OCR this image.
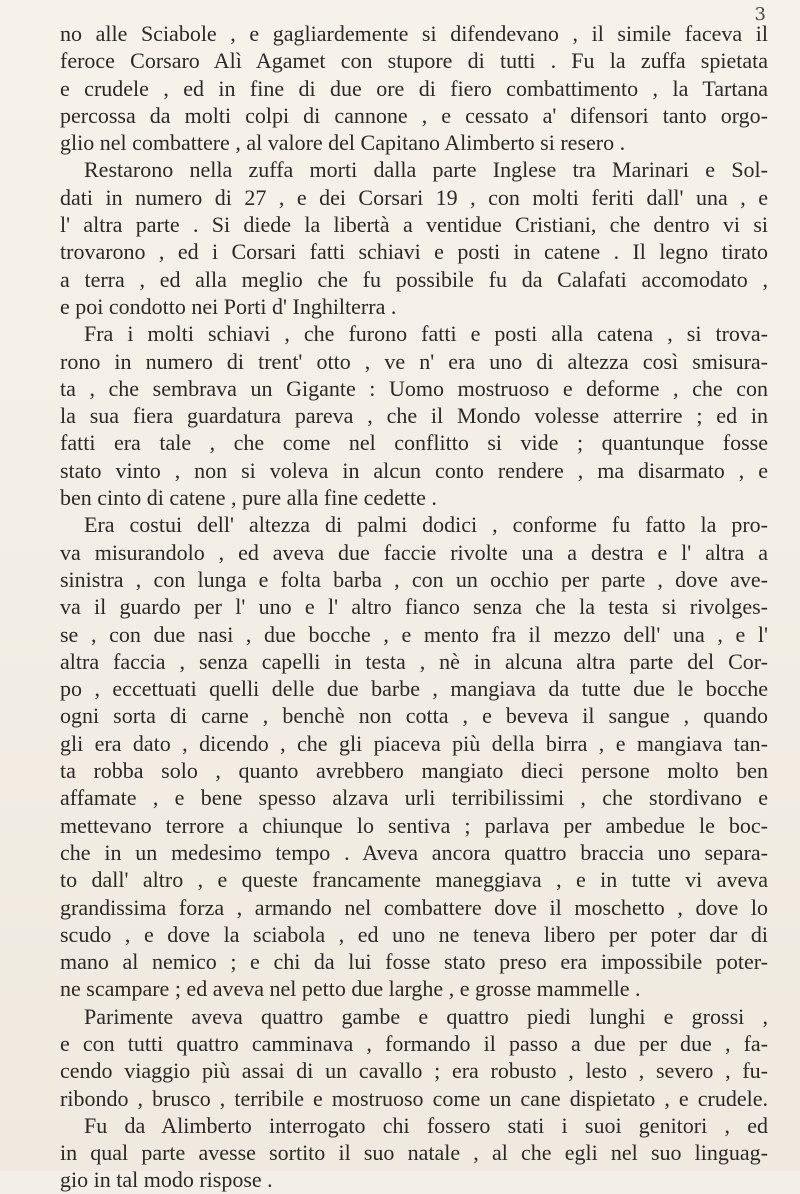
3
no alle Sciabole , e gagliardemente si difendevano , il simile faceva il
feroce Corsaro Alì Agamet con stupore di tutti . Fu la zuffa spietata
e crudele , ed in fine di due ore di fiero combattimento , la Tartana
percossa da molti colpi di cannone , e cessato a' difensori tanto orgo-
glio nel combattere , al valore del Capitano Alimberto si resero .
Restarono nella zuffa morti dalla parte Inglese tra Marinari e Sol-
dati in numero di 27 , e dei Corsari 19 , con molti feriti dall' una , e
l' altra parte . Si diede la libertà a ventidue Cristiani, che dentro vi si
trovarono , ed i Corsari fatti schiavi e posti in catene . Il legno tirato
a terra , ed alla meglio che fu possibile fu da Calafati accomodato ,
e poi condotto nei Porti d' Inghilterra .
Fra i molti schiavi , che furono fatti e posti alla catena , si trova-
rono in numero di trent' otto , ve n' era uno di altezza così smisura-
ta , che sembrava un Gigante : Uomo mostruoso e deforme , che con
la sua fiera guardatura pareva , che il Mondo volesse atterrire ; ed in
fatti era tale , che come nel conflitto si vide ; quantunque fosse
stato vinto , non si voleva in alcun conto rendere , ma disarmato , e
ben cinto di catene , pure alla fine cedette .
Era costui dell' altezza di palmi dodici , conforme fu fatto la pro-
va misurandolo , ed aveva due faccie rivolte una a destra e l' altra a
sinistra , con lunga e folta barba , con un occhio per parte , dove ave-
va il guardo per l' uno e l' altro fianco senza che la testa si rivolges-
se , con due nasi , due bocche , e mento fra il mezzo dell' una , e l'
altra faccia , senza capelli in testa , nè in alcuna altra parte del Cor-
po , eccettuati quelli delle due barbe , mangiava da tutte due le bocche
ogni sorta di carne , benchè non cotta , e beveva il sangue , quando
gli era dato , dicendo , che gli piaceva più della birra , e mangiava tan-
ta robba solo , quanto avrebbero mangiato dieci persone molto ben
affamate , e bene spesso alzava urli terribilissimi , che stordivano e
mettevano terrore a chiunque lo sentiva ; parlava per ambedue le boc-
che in un medesimo tempo . Aveva ancora quattro braccia uno separa-
to dall' altro , e queste francamente maneggiava , e in tutte vi aveva
grandissima forza , armando nel combattere dove il moschetto , dove lo
scudo , e dove la sciabola , ed uno ne teneva libero per poter dar di
mano al nemico ; e chi da lui fosse stato preso era impossibile poter-
ne scampare ; ed aveva nel petto due larghe , e grosse mammelle .
Parimente aveva quattro gambe e quattro piedi lunghi e grossi ,
e con tutti quattro camminava , formando il passo a due per due , fa-
cendo viaggio più assai di un cavallo ; era robusto , lesto , severo , fu-
ribondo , brusco , terribile e mostruoso come un cane dispietato , e crudele.
Fu da Alimberto interrogato chi fossero stati i suoi genitori , ed
in qual parte avesse sortito il suo natale , al che egli nel suo linguag-
gio in tal modo rispose .
